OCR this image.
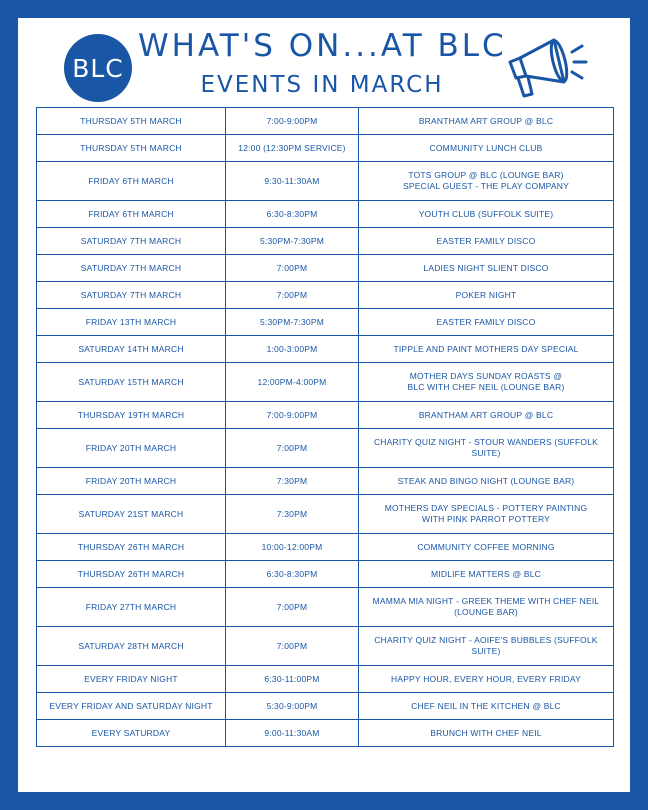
BLC
WHAT'S ON...AT BLC
EVENTS IN MARCH
THURSDAY 5TH MARCH	7:00-9:00PM	BRANTHAM ART GROUP @ BLC

THURSDAY 5TH MARCH	12:00 (12:30PM SERVICE)	COMMUNITY LUNCH CLUB

FRIDAY 6TH MARCH	9:30-11:30AM	TOTS GROUP @ BLC (LOUNGE BAR)
SPECIAL GUEST - THE PLAY COMPANY

FRIDAY 6TH MARCH	6:30-8:30PM	YOUTH CLUB (SUFFOLK SUITE)

SATURDAY 7TH MARCH	5:30PM-7:30PM	EASTER FAMILY DISCO

SATURDAY 7TH MARCH	7:00PM	LADIES NIGHT SLIENT DISCO

SATURDAY 7TH MARCH	7:00PM	POKER NIGHT

FRIDAY 13TH MARCH	5:30PM-7:30PM	EASTER FAMILY DISCO

SATURDAY 14TH MARCH	1:00-3:00PM	TIPPLE AND PAINT MOTHERS DAY SPECIAL

SATURDAY 15TH MARCH	12:00PM-4:00PM	MOTHER DAYS SUNDAY ROASTS @
BLC WITH CHEF NEIL (LOUNGE BAR)

THURSDAY 19TH MARCH	7:00-9:00PM	BRANTHAM ART GROUP @ BLC

FRIDAY 20TH MARCH	7:00PM	CHARITY QUIZ NIGHT - STOUR WANDERS (SUFFOLK
SUITE)

FRIDAY 20TH MARCH	7:30PM	STEAK AND BINGO NIGHT (LOUNGE BAR)

SATURDAY 21ST MARCH	7:30PM	MOTHERS DAY SPECIALS - POTTERY PAINTING
WITH PINK PARROT POTTERY

THURSDAY 26TH MARCH	10:00-12:00PM	COMMUNITY COFFEE MORNING

THURSDAY 26TH MARCH	6:30-8:30PM	MIDLIFE MATTERS @ BLC

FRIDAY 27TH MARCH	7:00PM	MAMMA MIA NIGHT - GREEK THEME WITH CHEF NEIL
(LOUNGE BAR)

SATURDAY 28TH MARCH	7:00PM	CHARITY QUIZ NIGHT - AOIFE'S BUBBLES (SUFFOLK
SUITE)

EVERY FRIDAY NIGHT	6:30-11:00PM	HAPPY HOUR, EVERY HOUR, EVERY FRIDAY

EVERY FRIDAY AND SATURDAY NIGHT	5:30-9:00PM	CHEF NEIL IN THE KITCHEN @ BLC

EVERY SATURDAY	9:00-11:30AM	BRUNCH WITH CHEF NEIL
